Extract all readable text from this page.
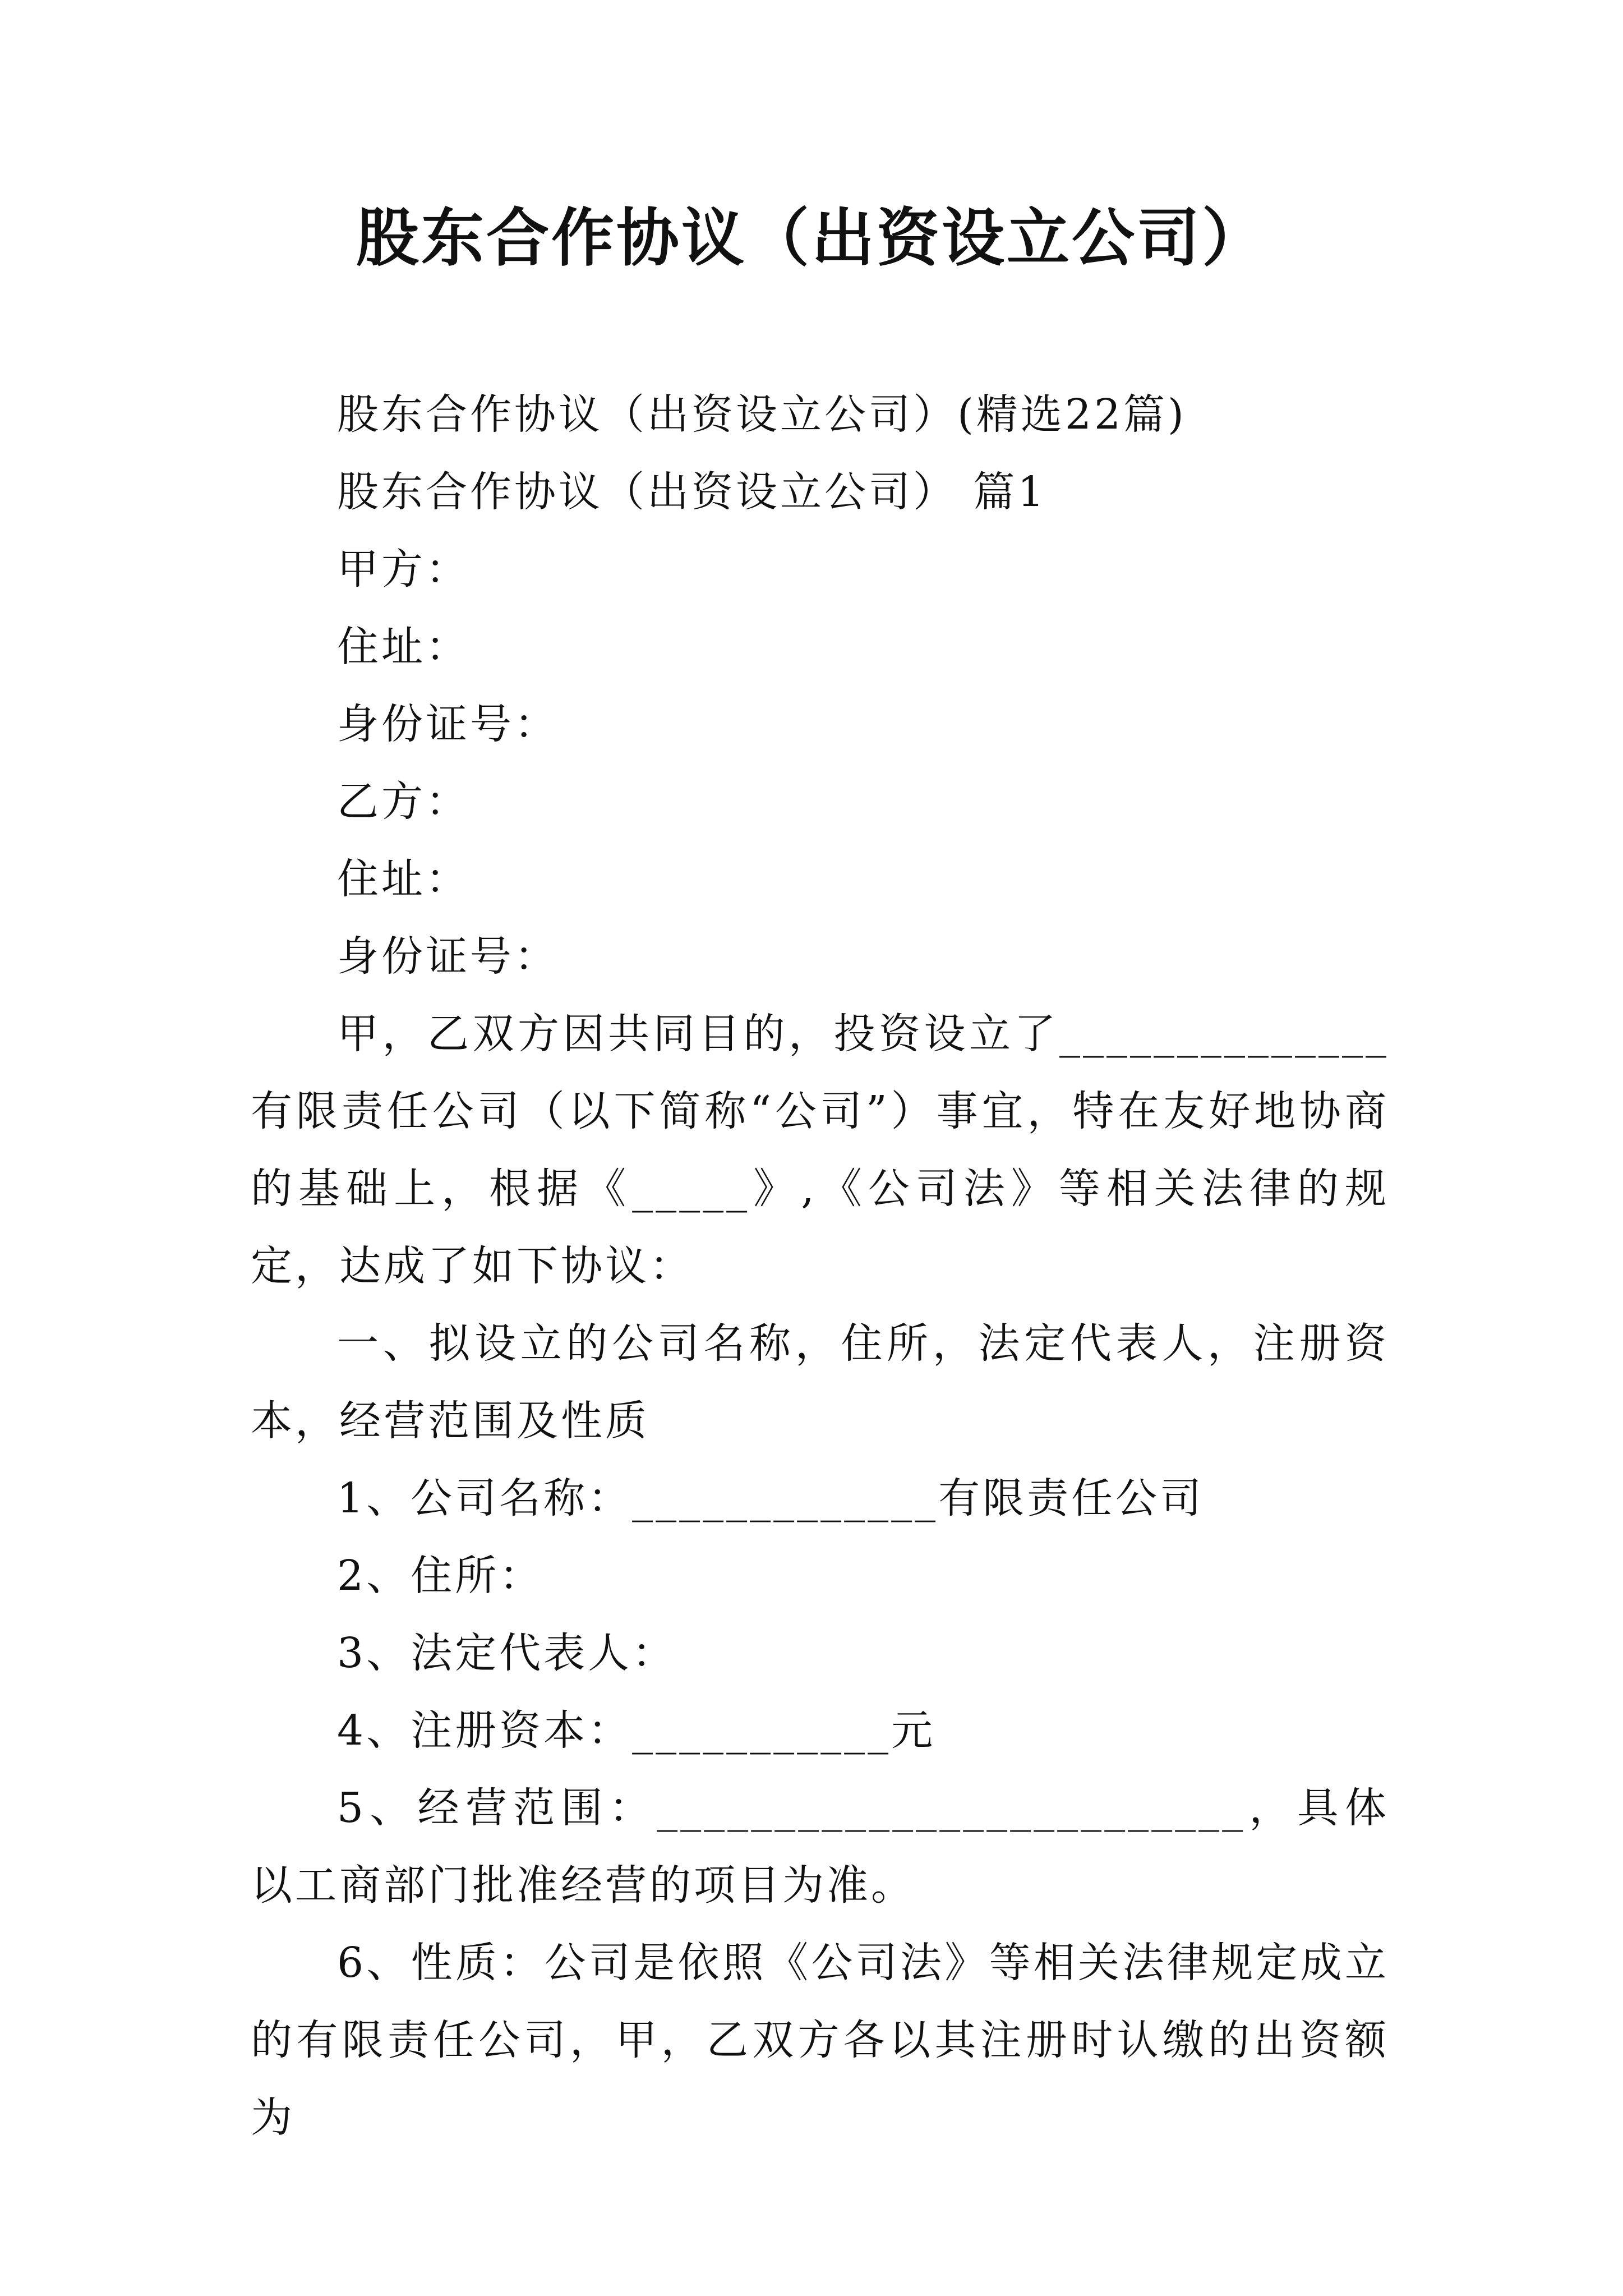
股东合作协议（出资设立公司）

股东合作协议（出资设立公司）(精选22篇)

股东合作协议（出资设立公司） 篇1

甲方：

住址：

身份证号：

乙方：

住址：

身份证号：

甲，乙双方因共同目的，投资设立了______________有限责任公司（以下简称“公司”）事宜，特在友好地协商的基础上，根据《_____》,《公司法》等相关法律的规定，达成了如下协议：

一、拟设立的公司名称，住所，法定代表人，注册资本，经营范围及性质

1、公司名称：_____________有限责任公司

2、住所：

3、法定代表人：

4、注册资本：___________元

5、经营范围：_________________________，具体以工商部门批准经营的项目为准。

6、性质：公司是依照《公司法》等相关法律规定成立的有限责任公司，甲，乙双方各以其注册时认缴的出资额为
